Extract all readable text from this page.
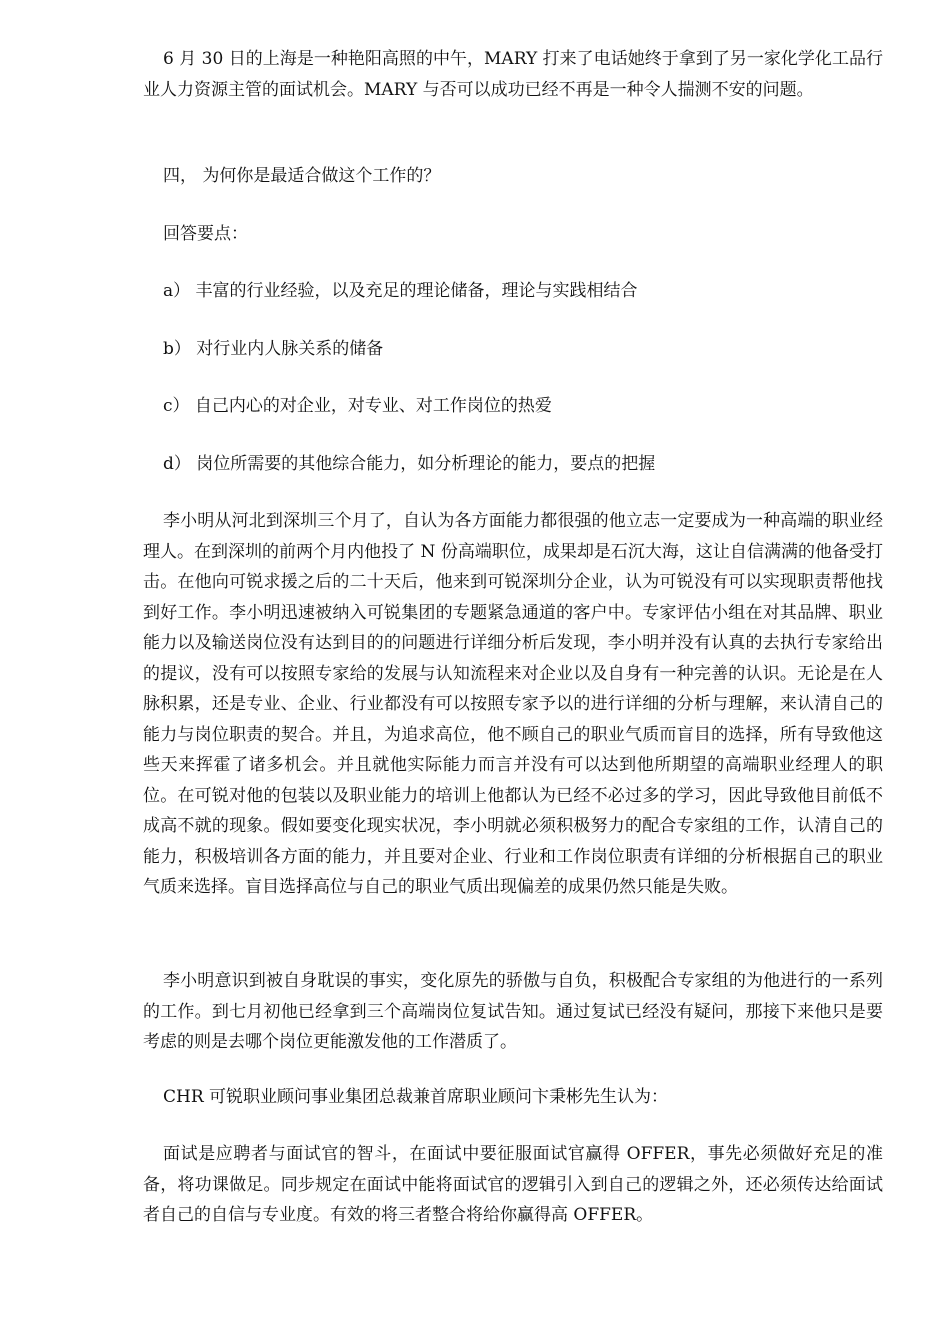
6 月 30 日的上海是一种艳阳高照的中午，MARY 打来了电话她终于拿到了另一家化学化工品行业人力资源主管的面试机会。MARY 与否可以成功已经不再是一种令人揣测不安的问题。

四， 为何你是最适合做这个工作的？

回答要点：

a） 丰富的行业经验，以及充足的理论储备，理论与实践相结合

b） 对行业内人脉关系的储备

c） 自己内心的对企业，对专业、对工作岗位的热爱

d） 岗位所需要的其他综合能力，如分析理论的能力，要点的把握

李小明从河北到深圳三个月了，自认为各方面能力都很强的他立志一定要成为一种高端的职业经理人。在到深圳的前两个月内他投了 N 份高端职位，成果却是石沉大海，这让自信满满的他备受打击。在他向可锐求援之后的二十天后，他来到可锐深圳分企业，认为可锐没有可以实现职责帮他找到好工作。李小明迅速被纳入可锐集团的专题紧急通道的客户中。专家评估小组在对其品牌、职业能力以及输送岗位没有达到目的的问题进行详细分析后发现，李小明并没有认真的去执行专家给出的提议，没有可以按照专家给的发展与认知流程来对企业以及自身有一种完善的认识。无论是在人脉积累，还是专业、企业、行业都没有可以按照专家予以的进行详细的分析与理解，来认清自己的能力与岗位职责的契合。并且，为追求高位，他不顾自己的职业气质而盲目的选择，所有导致他这些天来挥霍了诸多机会。并且就他实际能力而言并没有可以达到他所期望的高端职业经理人的职位。在可锐对他的包装以及职业能力的培训上他都认为已经不必过多的学习，因此导致他目前低不成高不就的现象。假如要变化现实状况，李小明就必须积极努力的配合专家组的工作，认清自己的能力，积极培训各方面的能力，并且要对企业、行业和工作岗位职责有详细的分析根据自己的职业气质来选择。盲目选择高位与自己的职业气质出现偏差的成果仍然只能是失败。

李小明意识到被自身耽误的事实，变化原先的骄傲与自负，积极配合专家组的为他进行的一系列的工作。到七月初他已经拿到三个高端岗位复试告知。通过复试已经没有疑问，那接下来他只是要考虑的则是去哪个岗位更能激发他的工作潜质了。

CHR 可锐职业顾问事业集团总裁兼首席职业顾问卞秉彬先生认为：

面试是应聘者与面试官的智斗，在面试中要征服面试官赢得 OFFER，事先必须做好充足的准备，将功课做足。同步规定在面试中能将面试官的逻辑引入到自己的逻辑之外，还必须传达给面试者自己的自信与专业度。有效的将三者整合将给你赢得高 OFFER。
